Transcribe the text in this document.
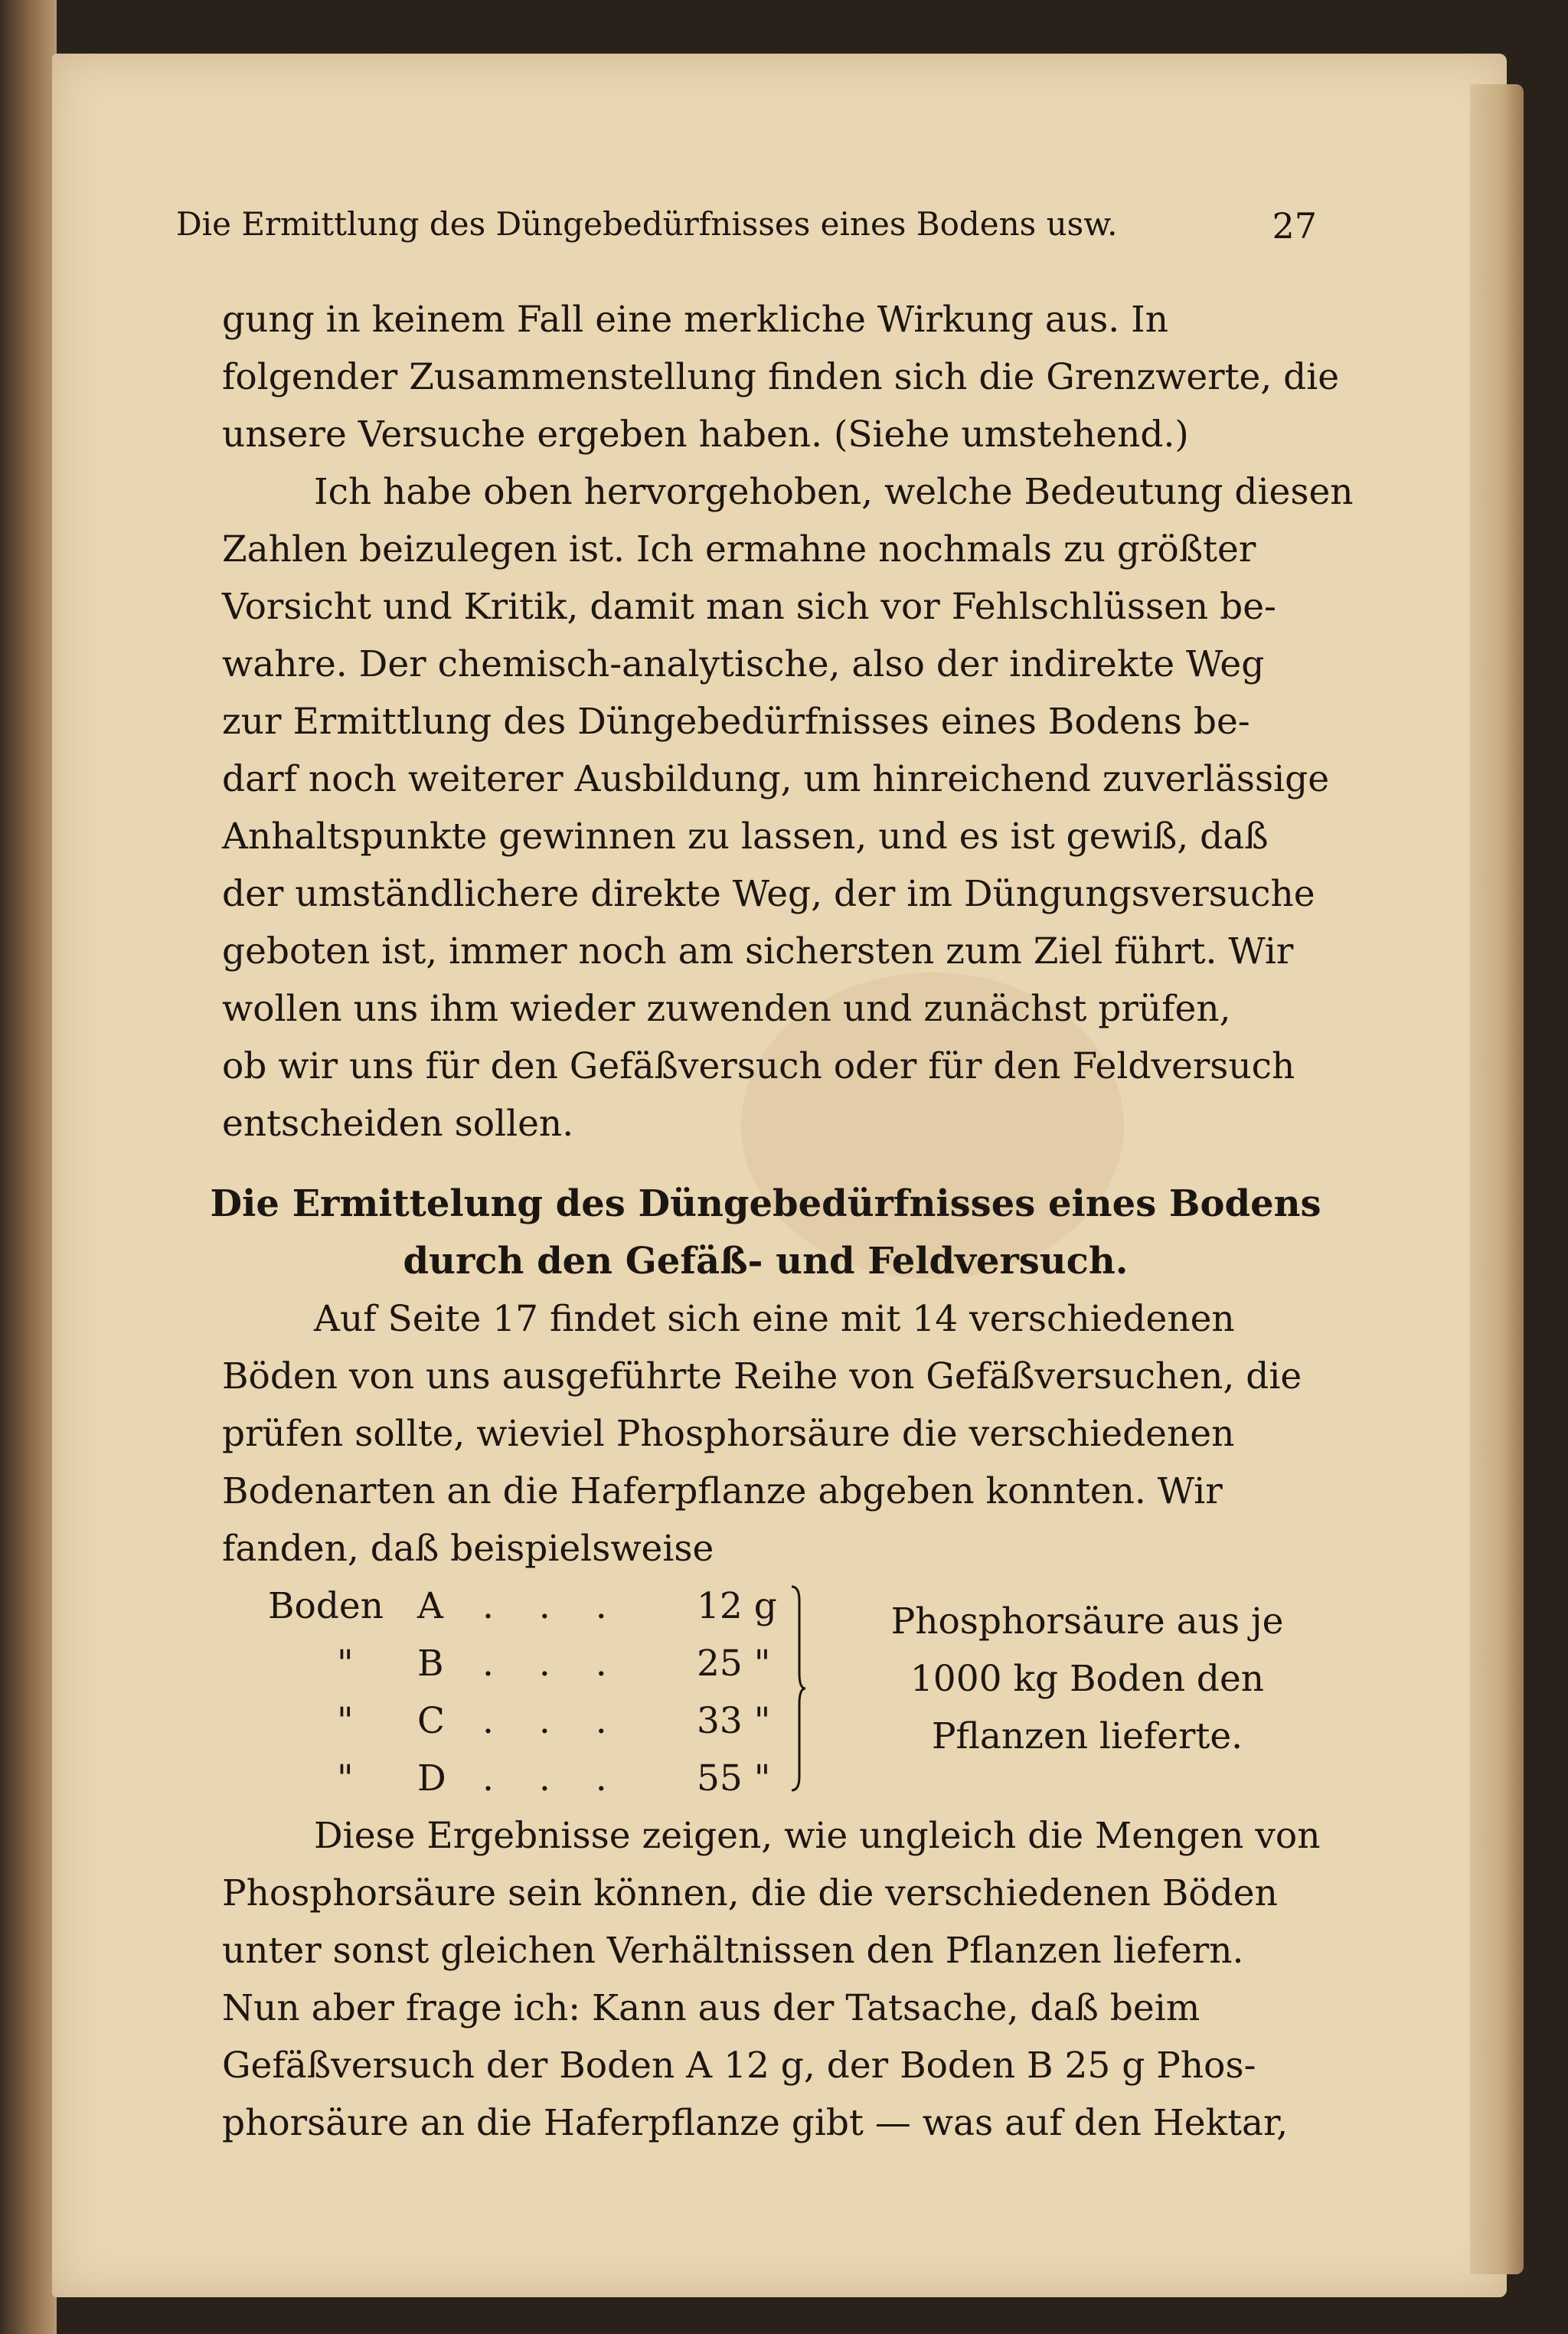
Die Ermittlung des Düngebedürfnisses eines Bodens usw.	27
gung in keinem Fall eine merkliche Wirkung aus. In
folgender Zusammenstellung finden sich die Grenzwerte, die
unsere Versuche ergeben haben. (Siehe umstehend.)
Ich habe oben hervorgehoben, welche Bedeutung diesen
Zahlen beizulegen ist. Ich ermahne nochmals zu größter
Vorsicht und Kritik, damit man sich vor Fehlschlüssen be-
wahre. Der chemisch-analytische, also der indirekte Weg
zur Ermittlung des Düngebedürfnisses eines Bodens be-
darf noch weiterer Ausbildung, um hinreichend zuverlässige
Anhaltspunkte gewinnen zu lassen, und es ist gewiß, daß
der umständlichere direkte Weg, der im Düngungsversuche
geboten ist, immer noch am sichersten zum Ziel führt. Wir
wollen uns ihm wieder zuwenden und zunächst prüfen,
ob wir uns für den Gefäßversuch oder für den Feldversuch
entscheiden sollen.
Die Ermittelung des Düngebedürfnisses eines Bodens
durch den Gefäß- und Feldversuch.
Auf Seite 17 findet sich eine mit 14 verschiedenen
Böden von uns ausgeführte Reihe von Gefäßversuchen, die
prüfen sollte, wieviel Phosphorsäure die verschiedenen
Bodenarten an die Haferpflanze abgeben konnten. Wir
fanden, daß beispielsweise
Boden A . . . 12 g
" B . . . 25 "
" C . . . 33 "
" D . . . 55 "
Phosphorsäure aus je
1000 kg Boden den
Pflanzen lieferte.
Diese Ergebnisse zeigen, wie ungleich die Mengen von
Phosphorsäure sein können, die die verschiedenen Böden
unter sonst gleichen Verhältnissen den Pflanzen liefern.
Nun aber frage ich: Kann aus der Tatsache, daß beim
Gefäßversuch der Boden A 12 g, der Boden B 25 g Phos-
phorsäure an die Haferpflanze gibt — was auf den Hektar,
